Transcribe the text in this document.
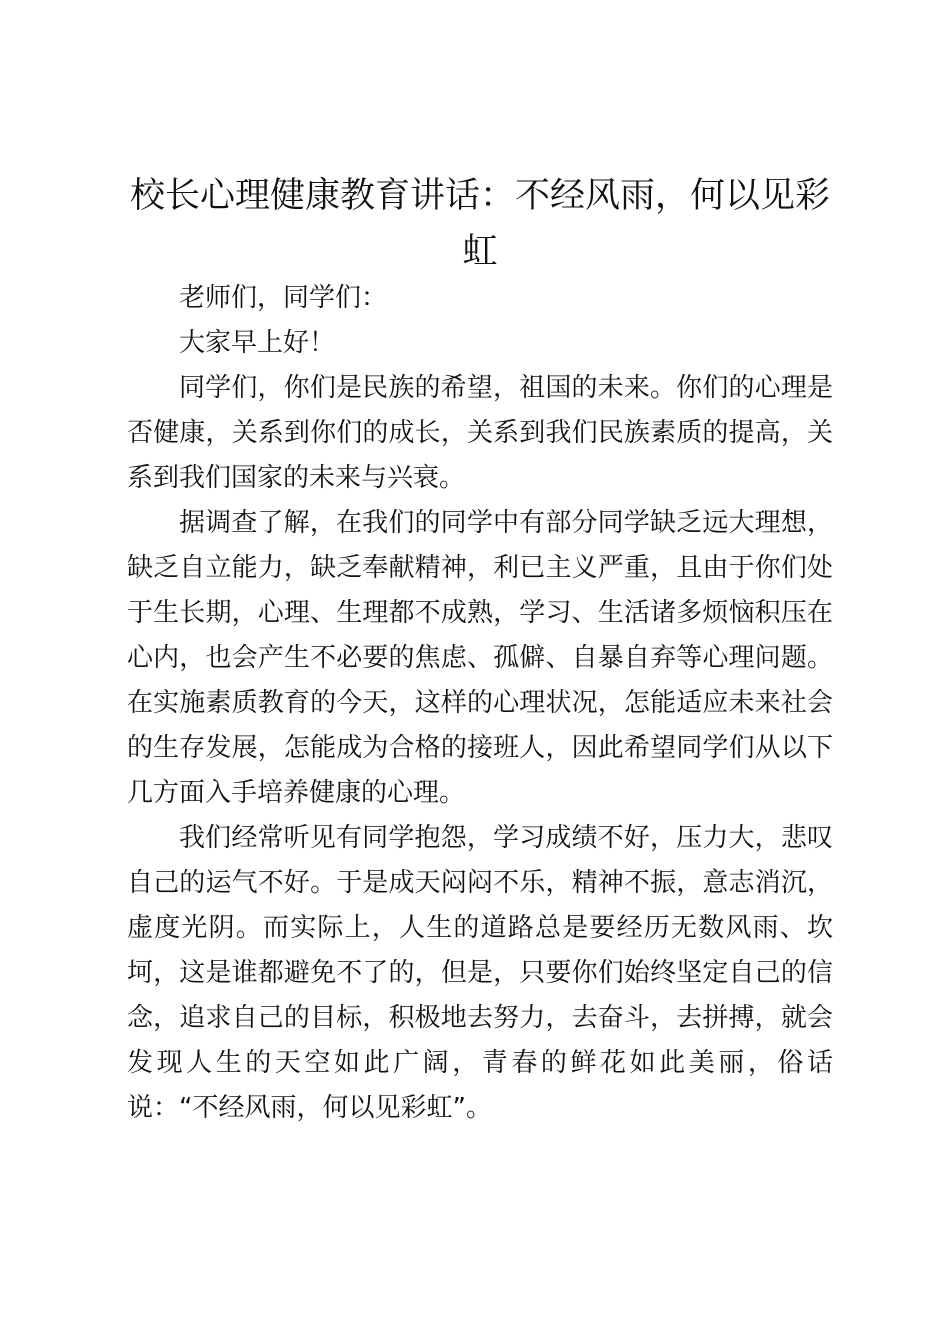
校长心理健康教育讲话：不经风雨，何以见彩虹

老师们，同学们：

大家早上好！

同学们，你们是民族的希望，祖国的未来。你们的心理是否健康，关系到你们的成长，关系到我们民族素质的提高，关系到我们国家的未来与兴衰。

据调查了解，在我们的同学中有部分同学缺乏远大理想，缺乏自立能力，缺乏奉献精神，利已主义严重，且由于你们处于生长期，心理、生理都不成熟，学习、生活诸多烦恼积压在心内，也会产生不必要的焦虑、孤僻、自暴自弃等心理问题。在实施素质教育的今天，这样的心理状况，怎能适应未来社会的生存发展，怎能成为合格的接班人，因此希望同学们从以下几方面入手培养健康的心理。

我们经常听见有同学抱怨，学习成绩不好，压力大，悲叹自己的运气不好。于是成天闷闷不乐，精神不振，意志消沉，虚度光阴。而实际上，人生的道路总是要经历无数风雨、坎坷，这是谁都避免不了的，但是，只要你们始终坚定自己的信念，追求自己的目标，积极地去努力，去奋斗，去拼搏，就会发现人生的天空如此广阔，青春的鲜花如此美丽，俗话说：“不经风雨，何以见彩虹”。
